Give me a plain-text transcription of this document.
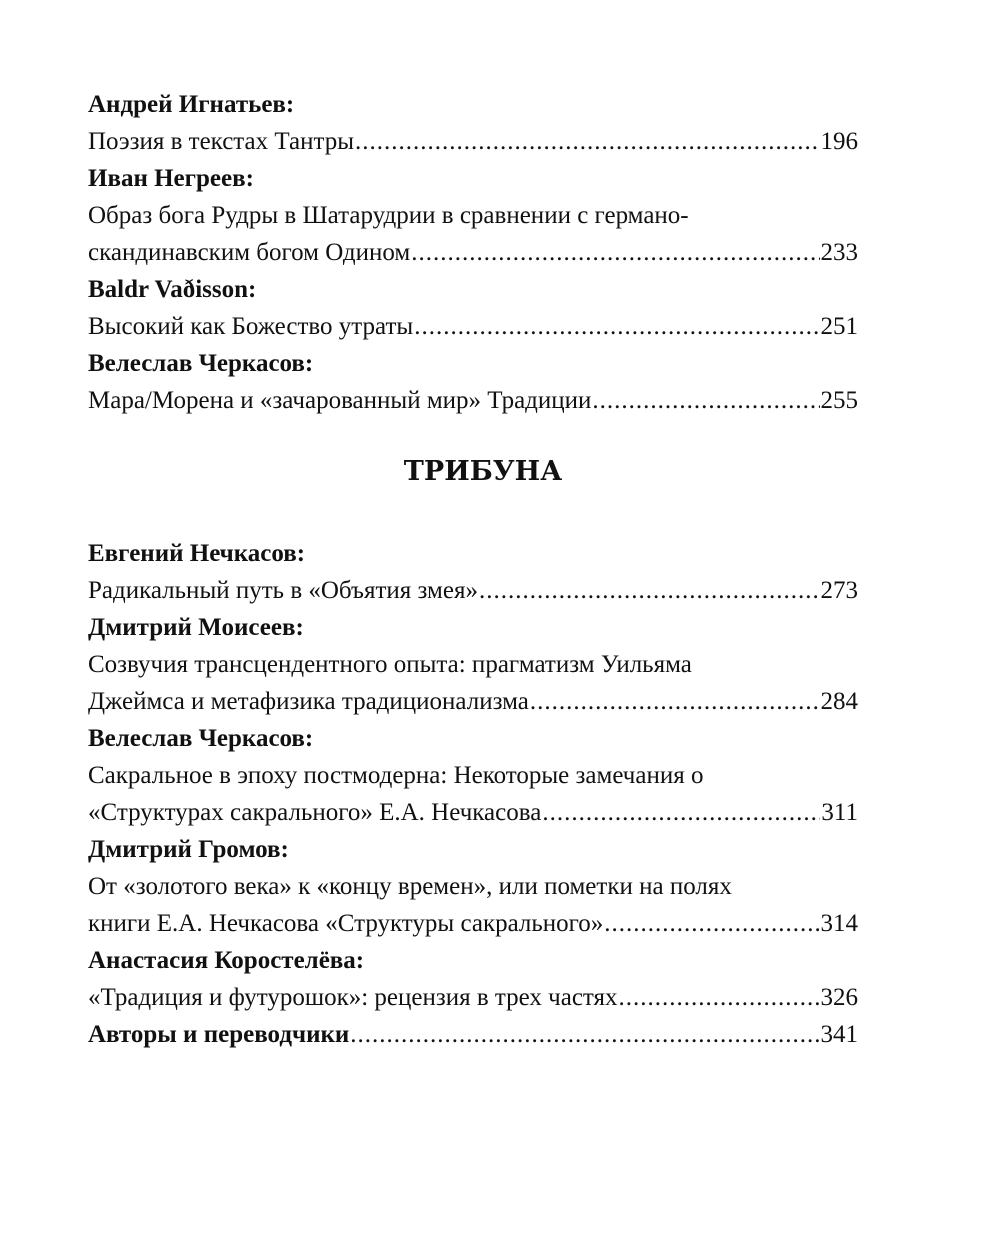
Андрей Игнатьев:
Поэзия в текстах Тантры .....	196
Иван Негреев:
Образ бога Рудры в Шатарудрии в сравнении с германо-
скандинавским богом Одином .....	233
Baldr Vaðisson:
Высокий как Божество утраты .....	251
Велеслав Черкасов:
Мара/Морена и «зачарованный мир» Традиции .....	255
ТРИБУНА
Евгений Нечкасов:
Радикальный путь в «Объятия змея» .....	273
Дмитрий Моисеев:
Созвучия трансцендентного опыта: прагматизм Уильяма
Джеймса и метафизика традиционализма .....	284
Велеслав Черкасов:
Сакральное в эпоху постмодерна: Некоторые замечания о
«Структурах сакрального» Е.А. Нечкасова .....	311
Дмитрий Громов:
От «золотого века» к «концу времен», или пометки на полях
книги Е.А. Нечкасова «Структуры сакрального» .....	314
Анастасия Коростелёва:
«Традиция и футурошок»: рецензия в трех частях .....	326
Авторы и переводчики .....	341
